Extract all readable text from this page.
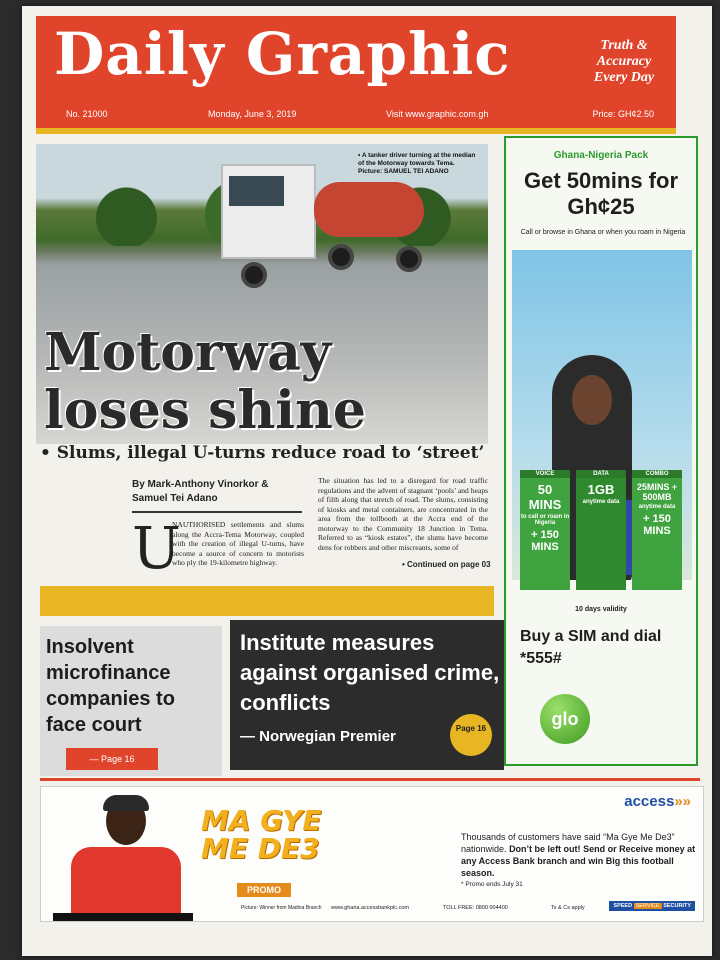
Daily Graphic	Truth & Accuracy Every Day
No. 21000	Monday, June 3, 2019	Visit www.graphic.com.gh	Price: GH¢2.50
• A tanker driver turning at the median of the Motorway towards Tema. Picture: SAMUEL TEI ADANO
Motorway
loses shine
• Slums, illegal U-turns reduce road to ‘street’
By Mark-Anthony Vinorkor &
Samuel Tei Adano
U
NAUTHORISED settlements and slums along the Accra-Tema Motorway, coupled with the creation of illegal U-turns, have become a source of concern to motorists who ply the 19-kilometre highway.
The situation has led to a disregard for road traffic regulations and the advent of stagnant ‘pools’ and heaps of filth along that stretch of road. The slums, consisting of kiosks and metal containers, are concentrated in the area from the tollbooth at the Accra end of the motorway to the Community 18 Junction in Tema. Referred to as “kiosk estates”, the slums have become dens for robbers and other miscreants, some of
• Continued on page 03
Insolvent microfinance companies to face court
— Page 16
Institute measures against organised crime, conflicts
— Norwegian Premier	Page 16
Ghana-Nigeria Pack
Get 50mins for Gh¢25
Call or browse in Ghana or when you roam in Nigeria
VOICE
50 MINS
to call or roam in Nigeria
+ 150 MINS
DATA
1GB
anytime data
COMBO
25MINS + 500MB
anytime data
+ 150 MINS
10 days validity
Buy a SIM and dial *555#
glo
access»»
MA GYE ME DE3
PROMO
Picture: Winner from Madina Branch
Thousands of customers have said “Ma Gye Me De3” nationwide. Don’t be left out! Send or Receive money at any Access Bank branch and win Big this football season.
* Promo ends July 31
www.ghana.accessbankplc.com	TOLL FREE: 0800 004400	Ts & Cs apply	SPEED SERVICE SECURITY
